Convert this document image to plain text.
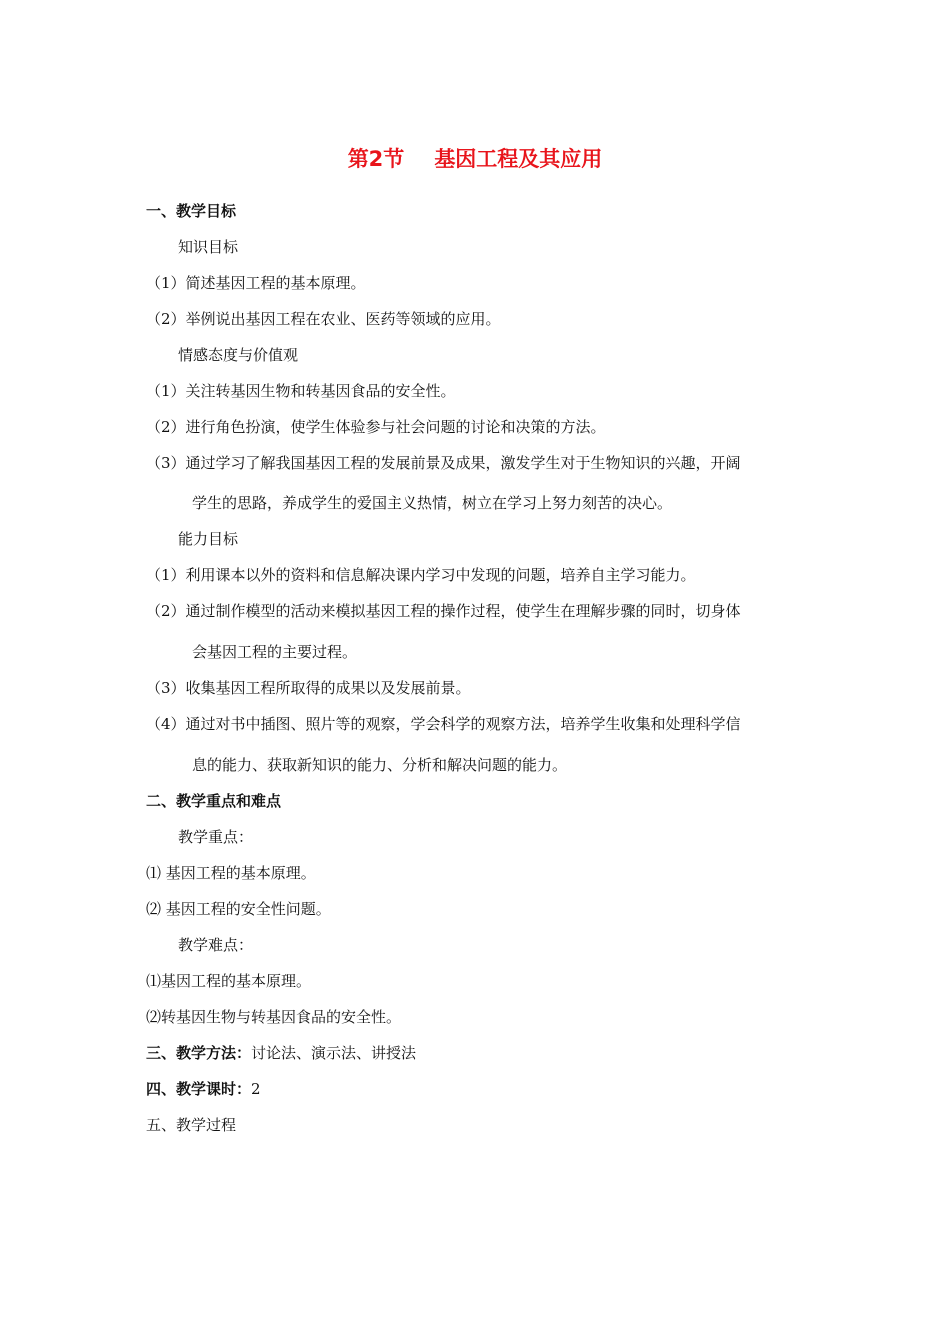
第2节 基因工程及其应用
一、教学目标
知识目标
（1）简述基因工程的基本原理。
（2）举例说出基因工程在农业、医药等领域的应用。
情感态度与价值观
（1）关注转基因生物和转基因食品的安全性。
（2）进行角色扮演，使学生体验参与社会问题的讨论和决策的方法。
（3）通过学习了解我国基因工程的发展前景及成果，激发学生对于生物知识的兴趣，开阔
学生的思路，养成学生的爱国主义热情，树立在学习上努力刻苦的决心。
能力目标
（1）利用课本以外的资料和信息解决课内学习中发现的问题，培养自主学习能力。
（2）通过制作模型的活动来模拟基因工程的操作过程，使学生在理解步骤的同时，切身体
会基因工程的主要过程。
（3）收集基因工程所取得的成果以及发展前景。
（4）通过对书中插图、照片等的观察，学会科学的观察方法，培养学生收集和处理科学信
息的能力、获取新知识的能力、分析和解决问题的能力。
二、教学重点和难点
教学重点：
⑴ 基因工程的基本原理。
⑵ 基因工程的安全性问题。
教学难点：
⑴基因工程的基本原理。
⑵转基因生物与转基因食品的安全性。
三、教学方法：讨论法、演示法、讲授法
四、教学课时：2
五、教学过程
